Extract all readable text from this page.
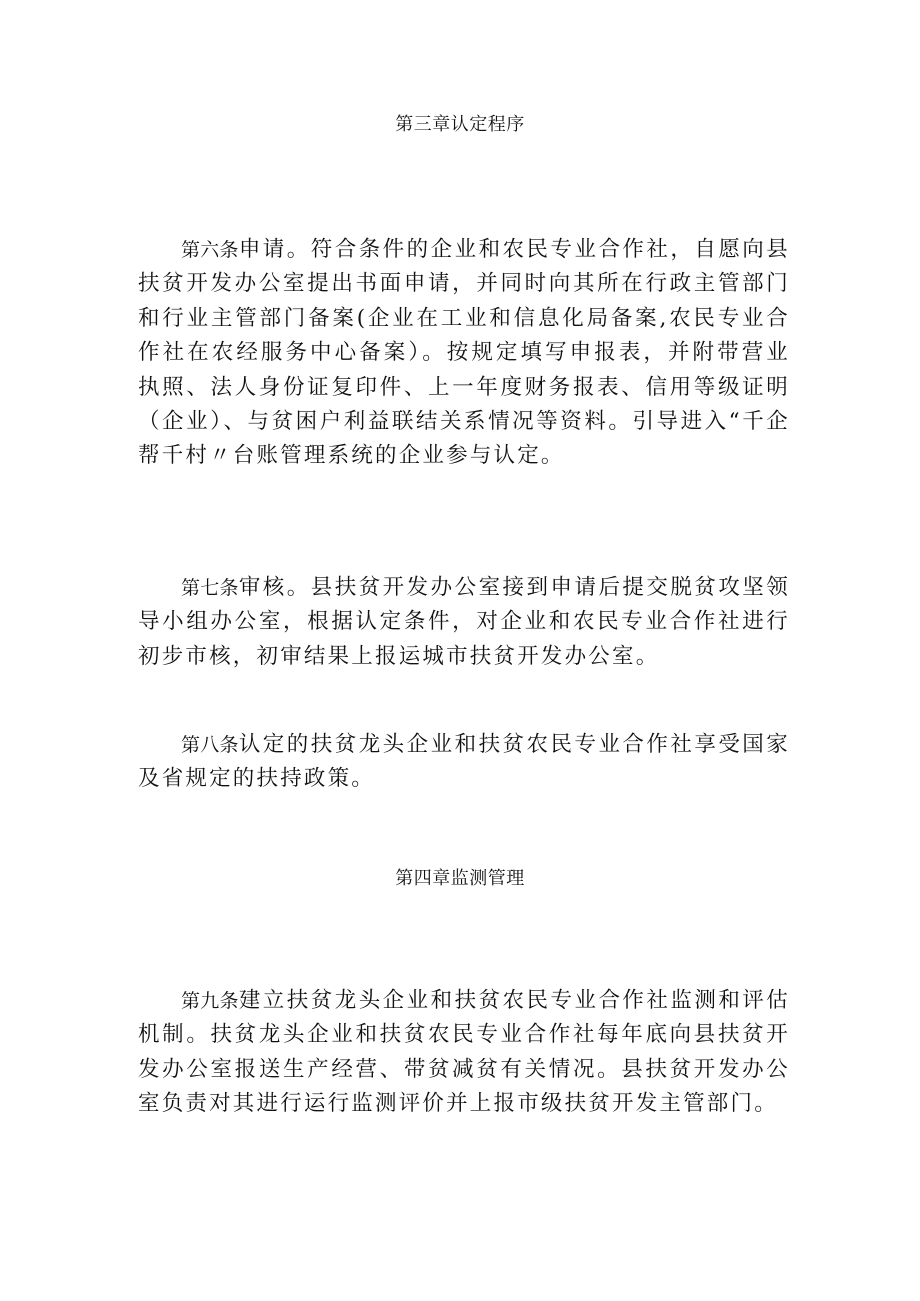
第三章认定程序

第六条申请。符合条件的企业和农民专业合作社，自愿向县扶贫开发办公室提出书面申请，并同时向其所在行政主管部门和行业主管部门备案(企业在工业和信息化局备案,农民专业合作社在农经服务中心备案）。按规定填写申报表，并附带营业执照、法人身份证复印件、上一年度财务报表、信用等级证明（企业）、与贫困户利益联结关系情况等资料。引导进入“千企帮千村〃台账管理系统的企业参与认定。

第七条审核。县扶贫开发办公室接到申请后提交脱贫攻坚领导小组办公室，根据认定条件，对企业和农民专业合作社进行初步市核，初审结果上报运城市扶贫开发办公室。

第八条认定的扶贫龙头企业和扶贫农民专业合作社享受国家及省规定的扶持政策。

第四章监测管理

第九条建立扶贫龙头企业和扶贫农民专业合作社监测和评估机制。扶贫龙头企业和扶贫农民专业合作社每年底向县扶贫开发办公室报送生产经营、带贫减贫有关情况。县扶贫开发办公室负责对其进行运行监测评价并上报市级扶贫开发主管部门。
